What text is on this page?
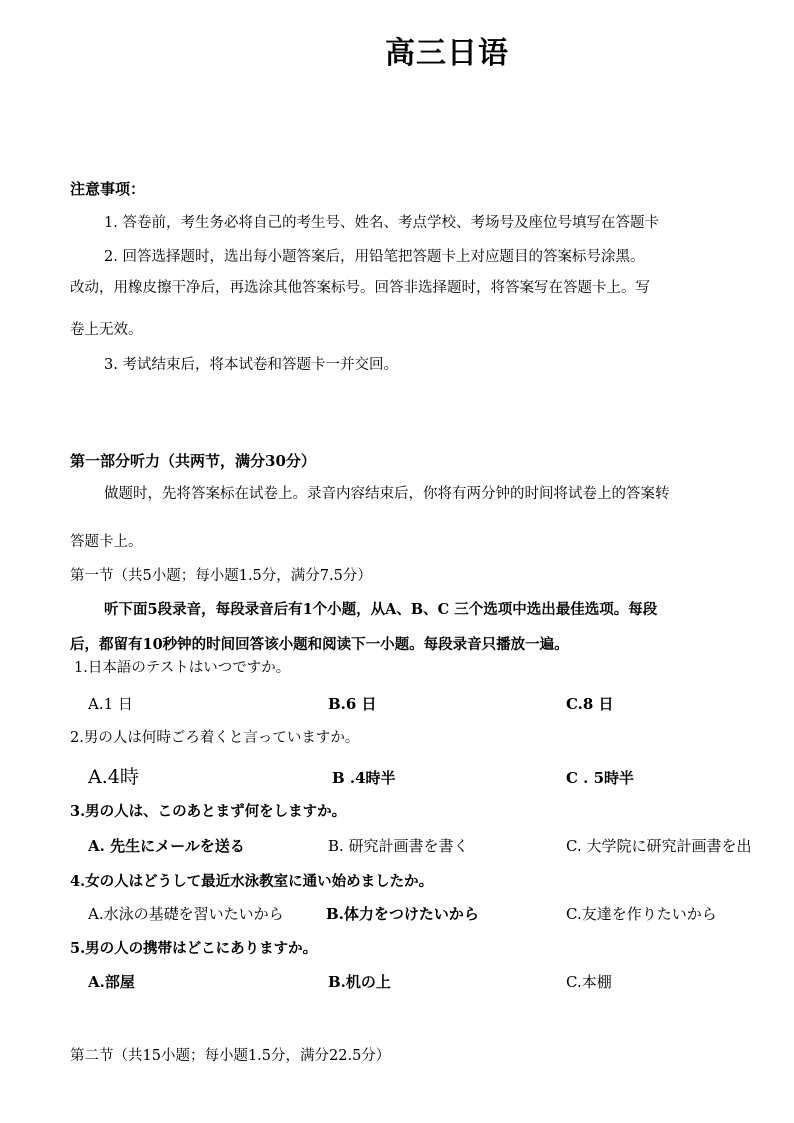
高三日语
注意事项：
1. 答卷前，考生务必将自己的考生号、姓名、考点学校、考场号及座位号填写在答题卡
2. 回答选择题时，选出每小题答案后，用铅笔把答题卡上对应题目的答案标号涂黑。
改动，用橡皮擦干净后，再选涂其他答案标号。回答非选择题时，将答案写在答题卡上。写
卷上无效。
3. 考试结束后，将本试卷和答题卡一并交回。
第一部分听力（共两节，满分30分）
做题时，先将答案标在试卷上。录音内容结束后，你将有两分钟的时间将试卷上的答案转
答题卡上。
第一节（共5小题；每小题1.5分，满分7.5分）
听下面5段录音，每段录音后有1个小题，从A、B、C 三个选项中选出最佳选项。每段
后，都留有10秒钟的时间回答该小题和阅读下一小题。每段录音只播放一遍。
1.日本語のテストはいつですか。
A.1 日	B.6 日	C.8 日
2.男の人は何時ごろ着くと言っていますか。
A.4時	B .4時半	C . 5時半
3.男の人は、このあとまず何をしますか。
A. 先生にメールを送る	B. 研究計画書を書く	C. 大学院に研究計画書を出
4.女の人はどうして最近水泳教室に通い始めましたか。
A.水泳の基礎を習いたいから	B.体力をつけたいから	C.友達を作りたいから
5.男の人の携帯はどこにありますか。
A.部屋	B.机の上	C.本棚
第二节（共15小题；每小题1.5分，满分22.5分）
